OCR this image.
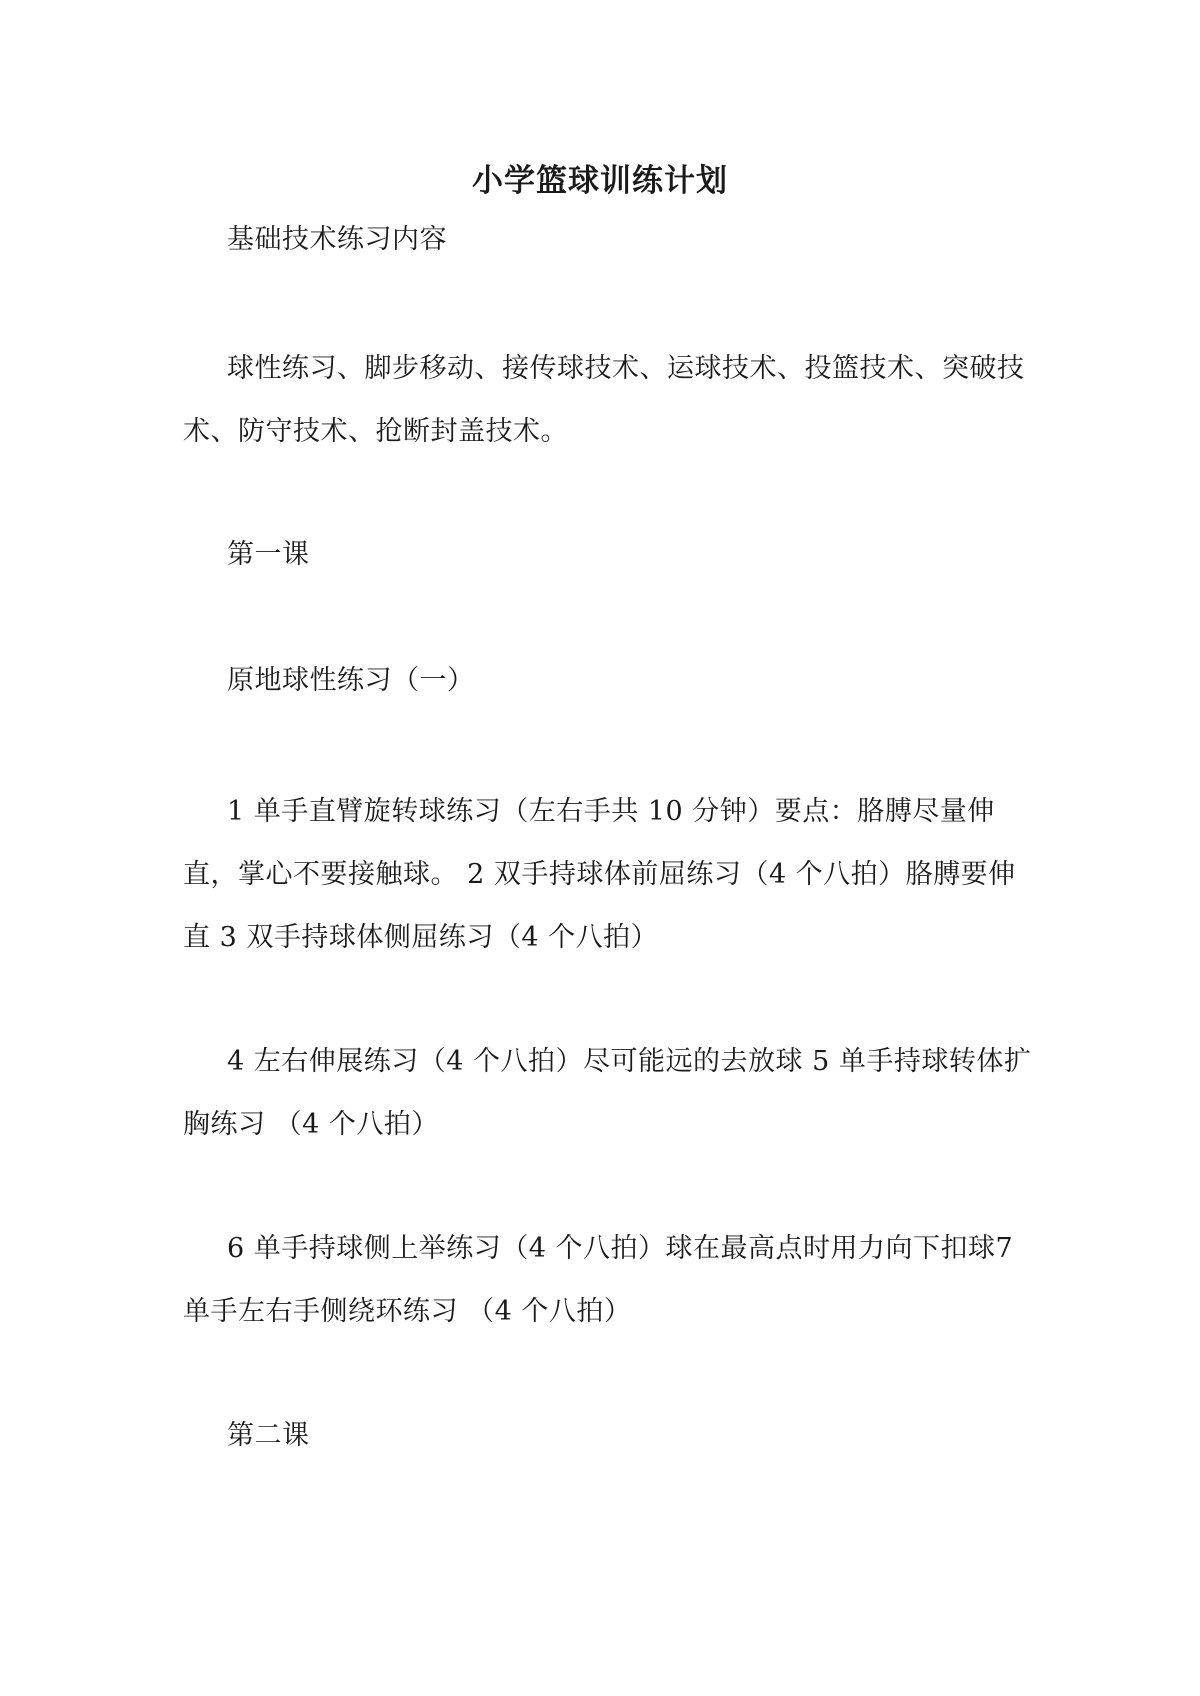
小学篮球训练计划
基础技术练习内容
球性练习、脚步移动、接传球技术、运球技术、投篮技术、突破技术、防守技术、抢断封盖技术。
第一课
原地球性练习（一）
1 单手直臂旋转球练习（左右手共 10 分钟）要点：胳膊尽量伸直，掌心不要接触球。 2 双手持球体前屈练习（4 个八拍）胳膊要伸直 3 双手持球体侧屈练习（4 个八拍）
4 左右伸展练习（4 个八拍）尽可能远的去放球 5 单手持球转体扩胸练习 （4 个八拍）
6 单手持球侧上举练习（4 个八拍）球在最高点时用力向下扣球7 单手左右手侧绕环练习 （4 个八拍）
第二课
